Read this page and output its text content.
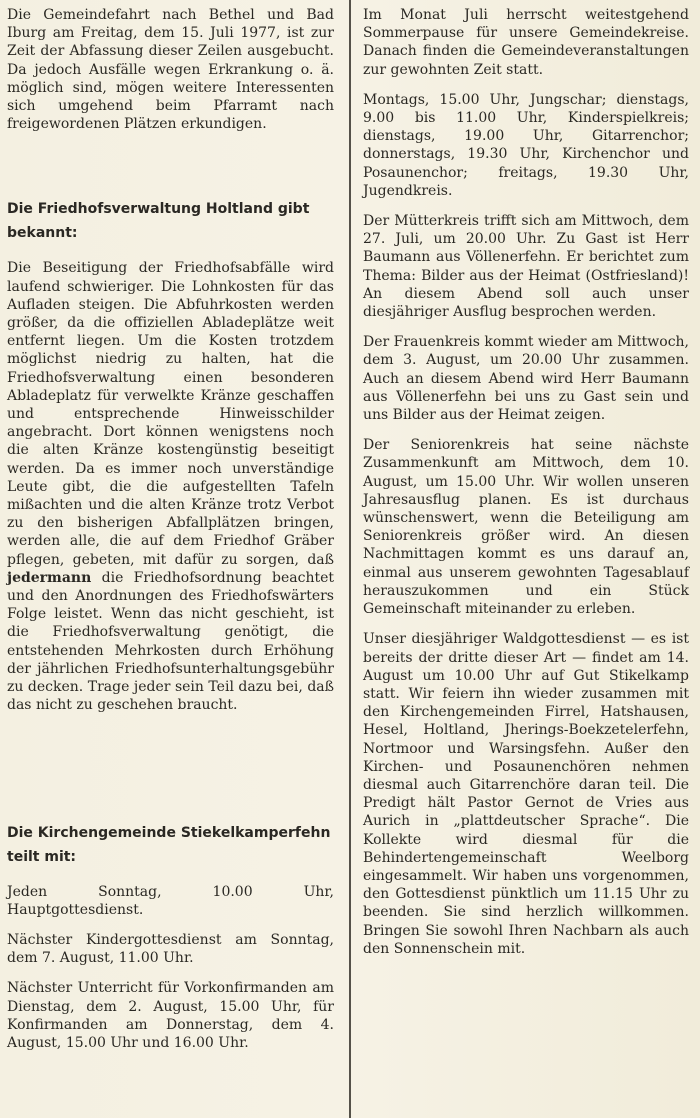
Die Gemeindefahrt nach Bethel und Bad Iburg am Freitag, dem 15. Juli 1977, ist zur Zeit der Abfassung dieser Zeilen ausgebucht. Da jedoch Ausfälle wegen Erkrankung o. ä. möglich sind, mögen weitere Interessenten sich umgehend beim Pfarramt nach freigewordenen Plätzen erkundigen.

Die Friedhofsverwaltung Holtland gibt bekannt:

Die Beseitigung der Friedhofsabfälle wird laufend schwieriger. Die Lohnkosten für das Aufladen steigen. Die Abfuhrkosten werden größer, da die offiziellen Abladeplätze weit entfernt liegen. Um die Kosten trotzdem möglichst niedrig zu halten, hat die Friedhofsverwaltung einen besonderen Abladeplatz für verwelkte Kränze geschaffen und entsprechende Hinweisschilder angebracht. Dort können wenigstens noch die alten Kränze kostengünstig beseitigt werden. Da es immer noch unverständige Leute gibt, die die aufgestellten Tafeln mißachten und die alten Kränze trotz Verbot zu den bisherigen Abfallplätzen bringen, werden alle, die auf dem Friedhof Gräber pflegen, gebeten, mit dafür zu sorgen, daß jedermann die Friedhofsordnung beachtet und den Anordnungen des Friedhofswärters Folge leistet. Wenn das nicht geschieht, ist die Friedhofsverwaltung genötigt, die entstehenden Mehrkosten durch Erhöhung der jährlichen Friedhofsunterhaltungsgebühr zu decken. Trage jeder sein Teil dazu bei, daß das nicht zu geschehen braucht.

Die Kirchengemeinde Stiekelkamperfehn teilt mit:

Jeden Sonntag, 10.00 Uhr, Hauptgottesdienst.

Nächster Kindergottesdienst am Sonntag, dem 7. August, 11.00 Uhr.

Nächster Unterricht für Vorkonfirmanden am Dienstag, dem 2. August, 15.00 Uhr, für Konfirmanden am Donnerstag, dem 4. August, 15.00 Uhr und 16.00 Uhr.

Im Monat Juli herrscht weitestgehend Sommerpause für unsere Gemeindekreise. Danach finden die Gemeindeveranstaltungen zur gewohnten Zeit statt.

Montags, 15.00 Uhr, Jungschar; dienstags, 9.00 bis 11.00 Uhr, Kinderspielkreis; dienstags, 19.00 Uhr, Gitarrenchor; donnerstags, 19.30 Uhr, Kirchenchor und Posaunenchor; freitags, 19.30 Uhr, Jugendkreis.

Der Mütterkreis trifft sich am Mittwoch, dem 27. Juli, um 20.00 Uhr. Zu Gast ist Herr Baumann aus Völlenerfehn. Er berichtet zum Thema: Bilder aus der Heimat (Ostfriesland)! An diesem Abend soll auch unser diesjähriger Ausflug besprochen werden.

Der Frauenkreis kommt wieder am Mittwoch, dem 3. August, um 20.00 Uhr zusammen. Auch an diesem Abend wird Herr Baumann aus Völlenerfehn bei uns zu Gast sein und uns Bilder aus der Heimat zeigen.

Der Seniorenkreis hat seine nächste Zusammenkunft am Mittwoch, dem 10. August, um 15.00 Uhr. Wir wollen unseren Jahresausflug planen. Es ist durchaus wünschenswert, wenn die Beteiligung am Seniorenkreis größer wird. An diesen Nachmittagen kommt es uns darauf an, einmal aus unserem gewohnten Tagesablauf herauszukommen und ein Stück Gemeinschaft miteinander zu erleben.

Unser diesjähriger Waldgottesdienst — es ist bereits der dritte dieser Art — findet am 14. August um 10.00 Uhr auf Gut Stikelkamp statt. Wir feiern ihn wieder zusammen mit den Kirchengemeinden Firrel, Hatshausen, Hesel, Holtland, Jherings-Boekzetelerfehn, Nortmoor und Warsingsfehn. Außer den Kirchen- und Posaunenchören nehmen diesmal auch Gitarrenchöre daran teil. Die Predigt hält Pastor Gernot de Vries aus Aurich in „plattdeutscher Sprache“. Die Kollekte wird diesmal für die Behindertengemeinschaft Weelborg eingesammelt. Wir haben uns vorgenommen, den Gottesdienst pünktlich um 11.15 Uhr zu beenden. Sie sind herzlich willkommen. Bringen Sie sowohl Ihren Nachbarn als auch den Sonnenschein mit.
